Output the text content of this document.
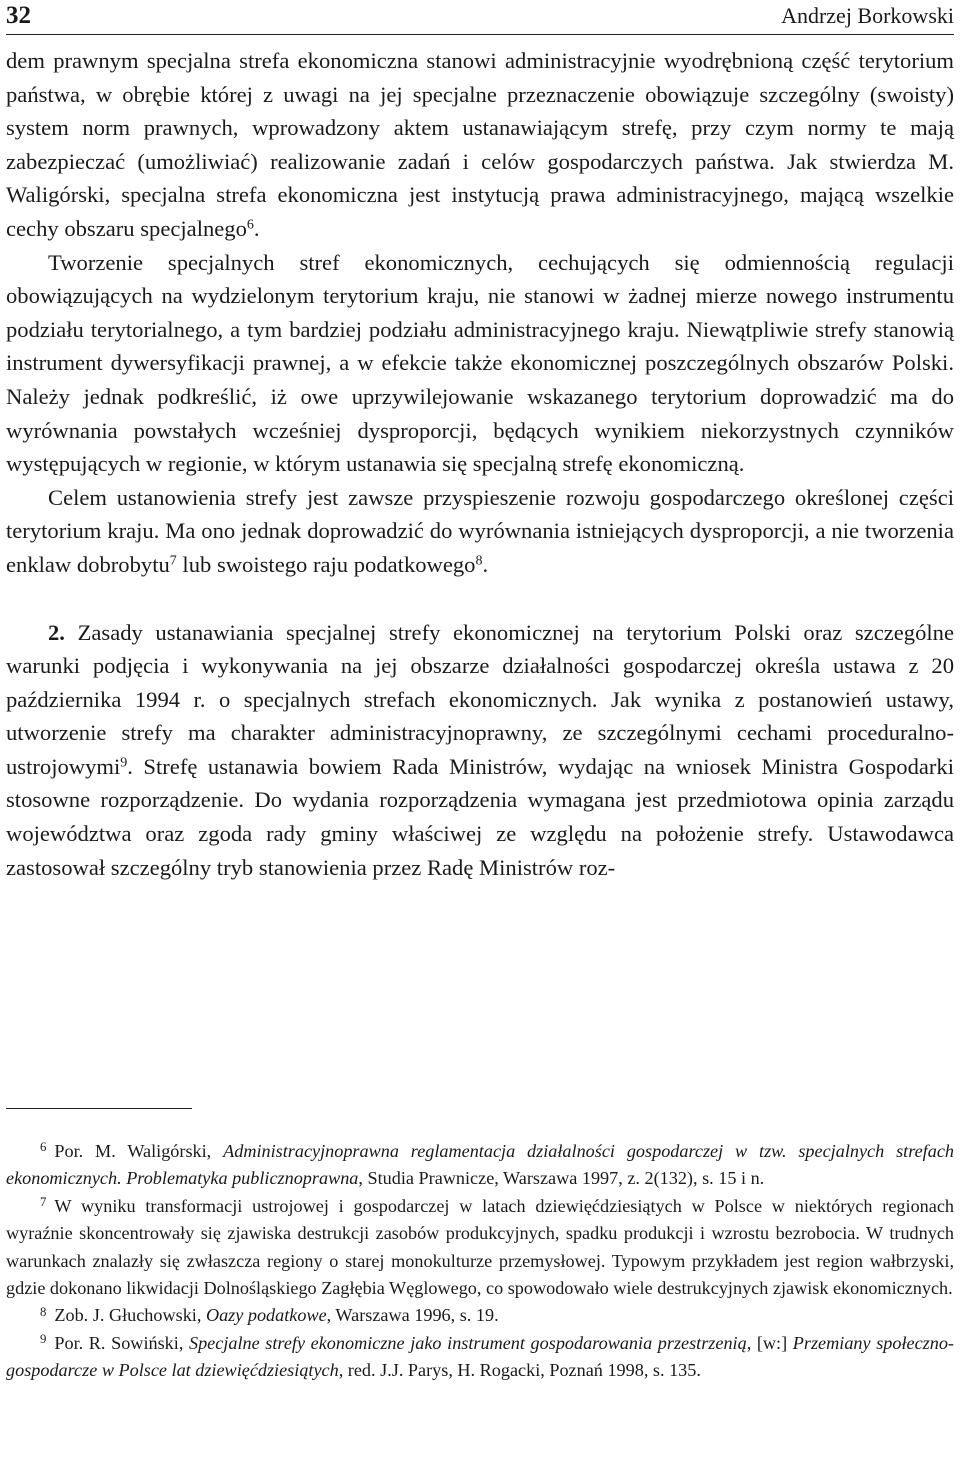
32	Andrzej Borkowski

dem prawnym specjalna strefa ekonomiczna stanowi administracyjnie wyodrębnioną część terytorium państwa, w obrębie której z uwagi na jej specjalne przeznaczenie obowiązuje szczególny (swoisty) system norm prawnych, wprowadzony aktem ustanawiającym strefę, przy czym normy te mają zabezpieczać (umożliwiać) realizowanie zadań i celów gospodarczych państwa. Jak stwierdza M. Waligórski, specjalna strefa ekonomiczna jest instytucją prawa administracyjnego, mającą wszelkie cechy obszaru specjalnego$^6$.

Tworzenie specjalnych stref ekonomicznych, cechujących się odmiennością regulacji obowiązujących na wydzielonym terytorium kraju, nie stanowi w żadnej mierze nowego instrumentu podziału terytorialnego, a tym bardziej podziału administracyjnego kraju. Niewątpliwie strefy stanowią instrument dywersyfikacji prawnej, a w efekcie także ekonomicznej poszczególnych obszarów Polski. Należy jednak podkreślić, iż owe uprzywilejowanie wskazanego terytorium doprowadzić ma do wyrównania powstałych wcześniej dysproporcji, będących wynikiem niekorzystnych czynników występujących w regionie, w którym ustanawia się specjalną strefę ekonomiczną.

Celem ustanowienia strefy jest zawsze przyspieszenie rozwoju gospodarczego określonej części terytorium kraju. Ma ono jednak doprowadzić do wyrównania istniejących dysproporcji, a nie tworzenia enklaw dobrobytu$^7$ lub swoistego raju podatkowego$^8$.

2. Zasady ustanawiania specjalnej strefy ekonomicznej na terytorium Polski oraz szczególne warunki podjęcia i wykonywania na jej obszarze działalności gospodarczej określa ustawa z 20 października 1994 r. o specjalnych strefach ekonomicznych. Jak wynika z postanowień ustawy, utworzenie strefy ma charakter administracyjnoprawny, ze szczególnymi cechami proceduralno-ustrojowymi$^9$. Strefę ustanawia bowiem Rada Ministrów, wydając na wniosek Ministra Gospodarki stosowne rozporządzenie. Do wydania rozporządzenia wymagana jest przedmiotowa opinia zarządu województwa oraz zgoda rady gminy właściwej ze względu na położenie strefy. Ustawodawca zastosował szczególny tryb stanowienia przez Radę Ministrów roz-

$^6$ Por. M. Waligórski, Administracyjnoprawna reglamentacja działalności gospodarczej w tzw. specjalnych strefach ekonomicznych. Problematyka publicznoprawna, Studia Prawnicze, Warszawa 1997, z. 2(132), s. 15 i n.

$^7$ W wyniku transformacji ustrojowej i gospodarczej w latach dziewięćdziesiątych w Polsce w niektórych regionach wyraźnie skoncentrowały się zjawiska destrukcji zasobów produkcyjnych, spadku produkcji i wzrostu bezrobocia. W trudnych warunkach znalazły się zwłaszcza regiony o starej monokulturze przemysłowej. Typowym przykładem jest region wałbrzyski, gdzie dokonano likwidacji Dolnośląskiego Zagłębia Węglowego, co spowodowało wiele destrukcyjnych zjawisk ekonomicznych.

$^8$ Zob. J. Głuchowski, Oazy podatkowe, Warszawa 1996, s. 19.

$^9$ Por. R. Sowiński, Specjalne strefy ekonomiczne jako instrument gospodarowania przestrzenią, [w:] Przemiany społeczno-gospodarcze w Polsce lat dziewięćdziesiątych, red. J.J. Parys, H. Rogacki, Poznań 1998, s. 135.
